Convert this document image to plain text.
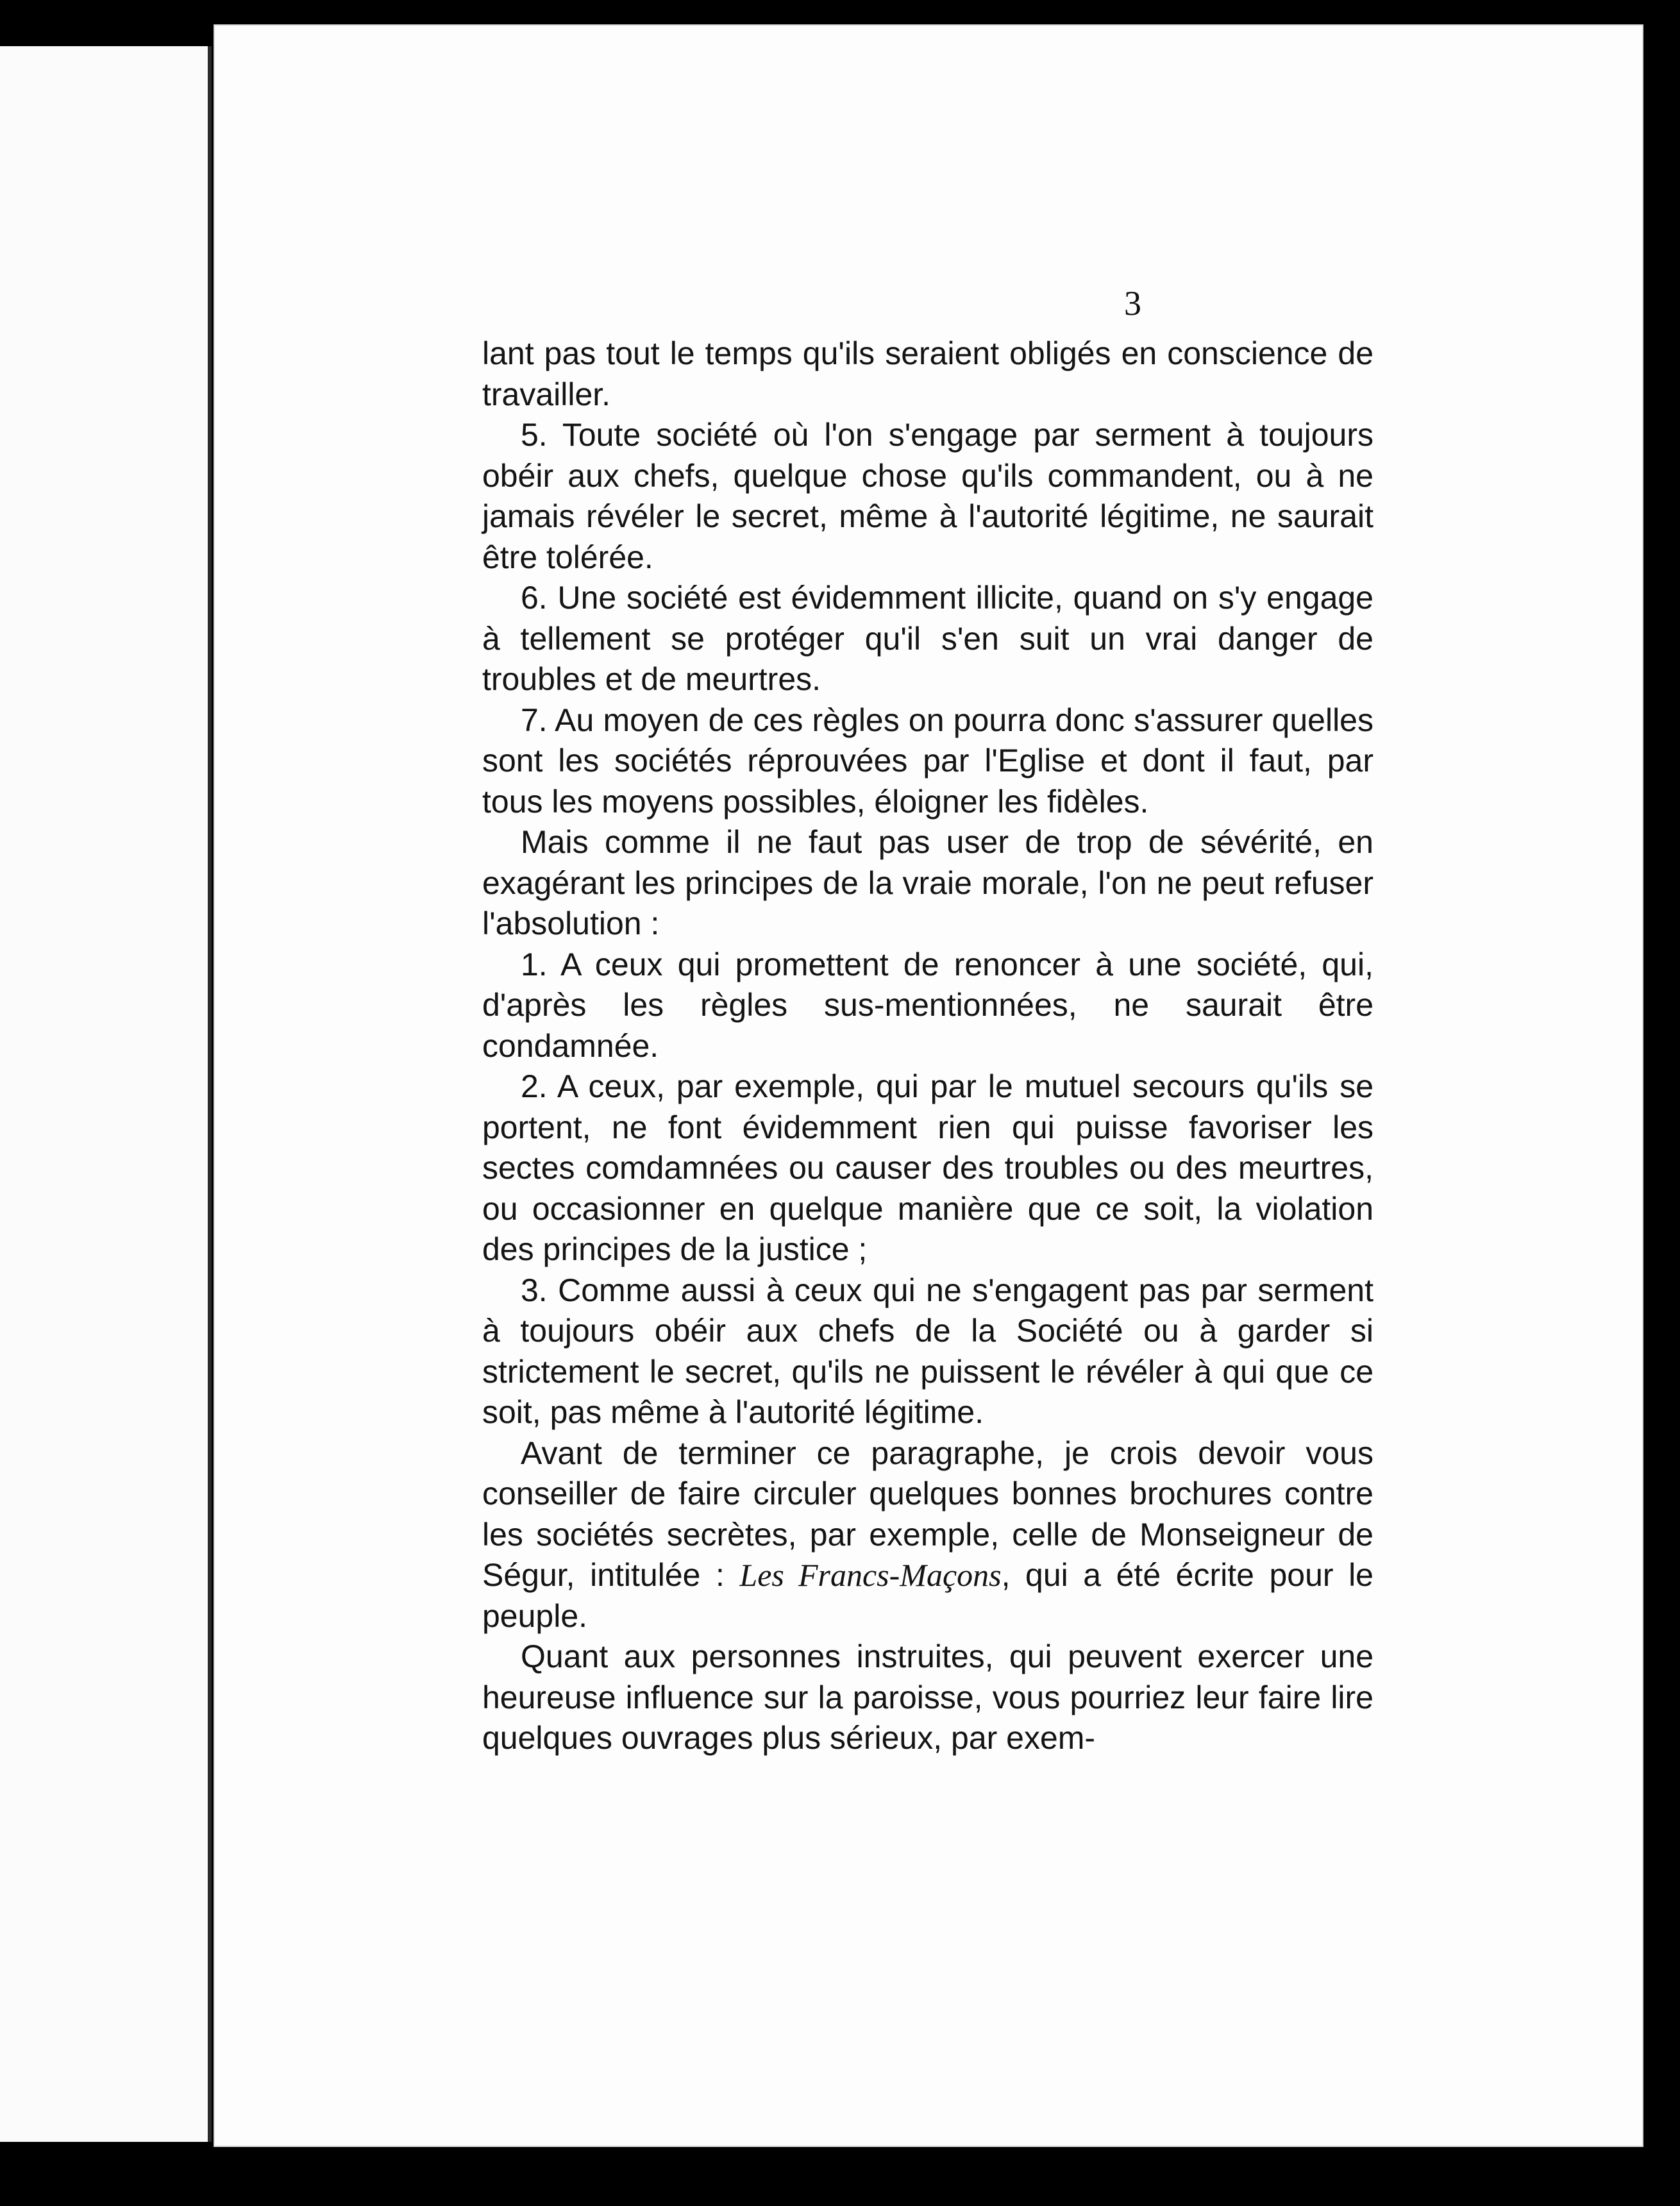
3

lant pas tout le temps qu'ils seraient obligés en conscience de travailler.

5. Toute société où l'on s'engage par serment à toujours obéir aux chefs, quelque chose qu'ils commandent, ou à ne jamais révéler le secret, même à l'autorité légitime, ne saurait être tolérée.

6. Une société est évidemment illicite, quand on s'y engage à tellement se protéger qu'il s'en suit un vrai danger de troubles et de meurtres.

7. Au moyen de ces règles on pourra donc s'assurer quelles sont les sociétés réprouvées par l'Eglise et dont il faut, par tous les moyens possibles, éloigner les fidèles.

Mais comme il ne faut pas user de trop de sévérité, en exagérant les principes de la vraie morale, l'on ne peut refuser l'absolution :

1. A ceux qui promettent de renoncer à une société, qui, d'après les règles sus-mentionnées, ne saurait être condamnée.

2. A ceux, par exemple, qui par le mutuel secours qu'ils se portent, ne font évidemment rien qui puisse favoriser les sectes comdamnées ou causer des troubles ou des meurtres, ou occasionner en quelque manière que ce soit, la violation des principes de la justice ;

3. Comme aussi à ceux qui ne s'engagent pas par serment à toujours obéir aux chefs de la Société ou à garder si strictement le secret, qu'ils ne puissent le révéler à qui que ce soit, pas même à l'autorité légitime.

Avant de terminer ce paragraphe, je crois devoir vous conseiller de faire circuler quelques bonnes brochures contre les sociétés secrètes, par exemple, celle de Monseigneur de Ségur, intitulée : Les Francs-Maçons, qui a été écrite pour le peuple.

Quant aux personnes instruites, qui peuvent exercer une heureuse influence sur la paroisse, vous pourriez leur faire lire quelques ouvrages plus sérieux, par exem-
